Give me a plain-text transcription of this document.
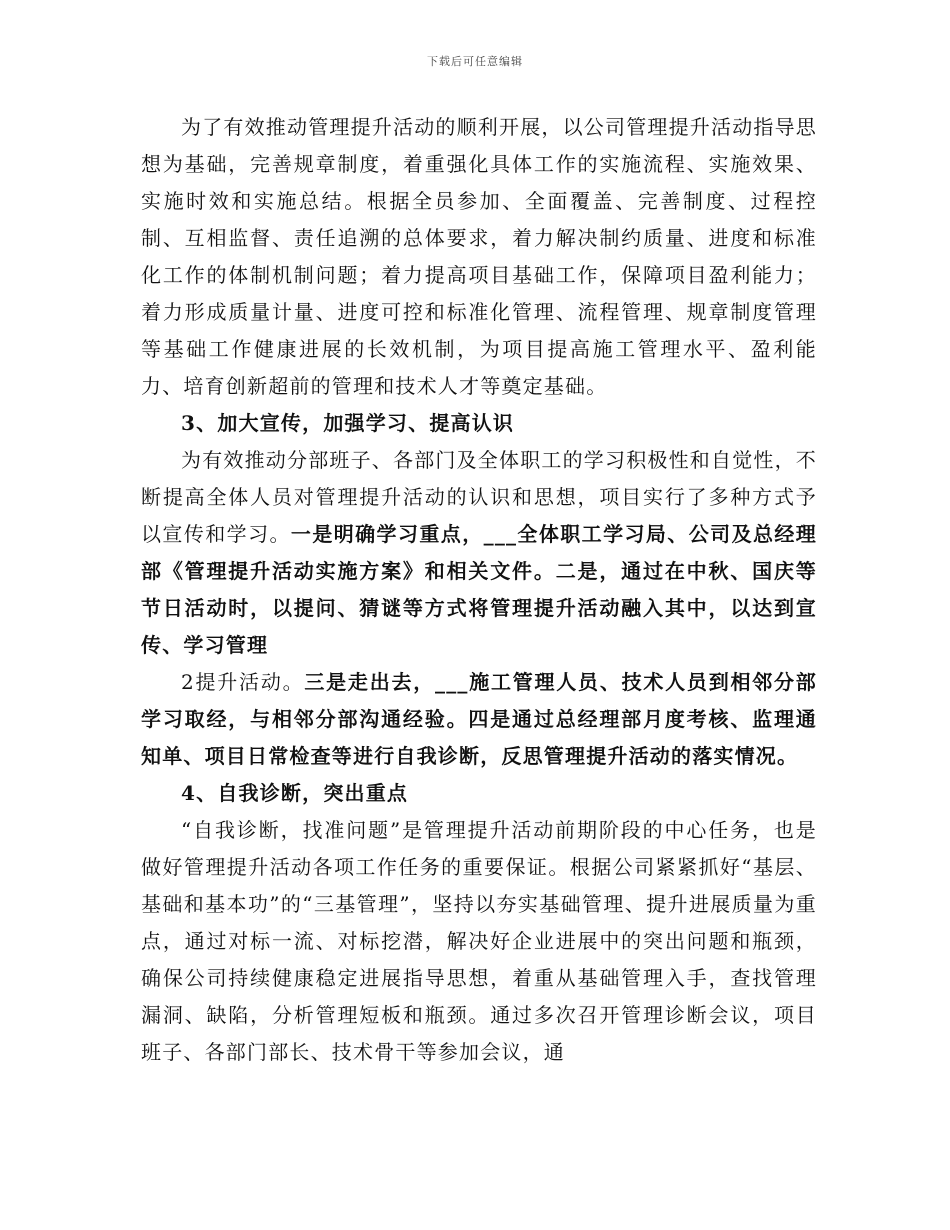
下载后可任意编辑

为了有效推动管理提升活动的顺利开展，以公司管理提升活动指导思想为基础，完善规章制度，着重强化具体工作的实施流程、实施效果、实施时效和实施总结。根据全员参加、全面覆盖、完善制度、过程控制、互相监督、责任追溯的总体要求，着力解决制约质量、进度和标准化工作的体制机制问题；着力提高项目基础工作，保障项目盈利能力；着力形成质量计量、进度可控和标准化管理、流程管理、规章制度管理等基础工作健康进展的长效机制，为项目提高施工管理水平、盈利能力、培育创新超前的管理和技术人才等奠定基础。

3、加大宣传，加强学习、提高认识

为有效推动分部班子、各部门及全体职工的学习积极性和自觉性，不断提高全体人员对管理提升活动的认识和思想，项目实行了多种方式予以宣传和学习。一是明确学习重点，___全体职工学习局、公司及总经理部《管理提升活动实施方案》和相关文件。二是，通过在中秋、国庆等节日活动时，以提问、猜谜等方式将管理提升活动融入其中，以达到宣传、学习管理

2提升活动。三是走出去，___施工管理人员、技术人员到相邻分部学习取经，与相邻分部沟通经验。四是通过总经理部月度考核、监理通知单、项目日常检查等进行自我诊断，反思管理提升活动的落实情况。

4、自我诊断，突出重点

“自我诊断，找准问题”是管理提升活动前期阶段的中心任务，也是做好管理提升活动各项工作任务的重要保证。根据公司紧紧抓好“基层、基础和基本功”的“三基管理”，坚持以夯实基础管理、提升进展质量为重点，通过对标一流、对标挖潜，解决好企业进展中的突出问题和瓶颈，确保公司持续健康稳定进展指导思想，着重从基础管理入手，查找管理漏洞、缺陷，分析管理短板和瓶颈。通过多次召开管理诊断会议，项目班子、各部门部长、技术骨干等参加会议，通
